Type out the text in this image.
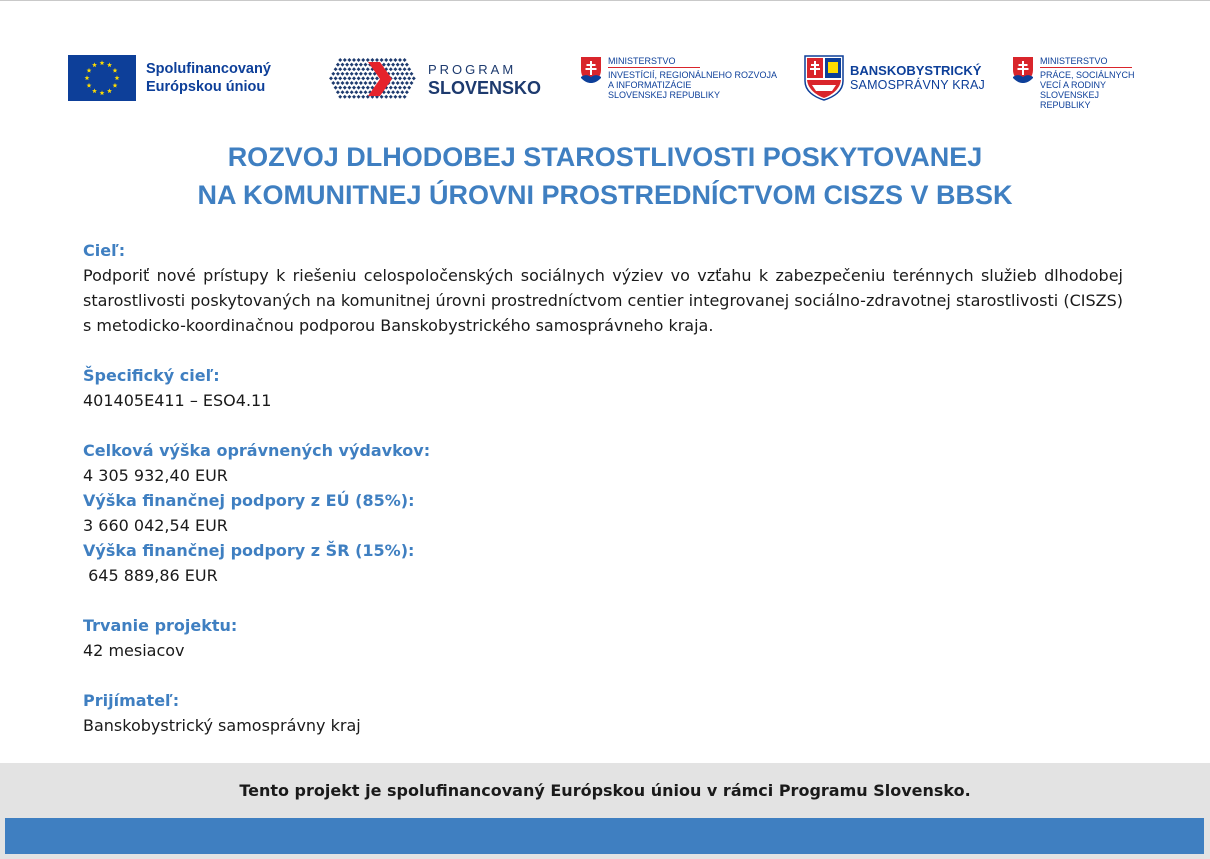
Spolufinancovaný
Európskou úniou
PROGRAM
SLOVENSKO
MINISTERSTVO
INVESTÍCIÍ, REGIONÁLNEHO ROZVOJA
A INFORMATIZÁCIE
SLOVENSKEJ REPUBLIKY
BANSKOBYSTRICKÝ
SAMOSPRÁVNY KRAJ
MINISTERSTVO
PRÁCE, SOCIÁLNYCH
VECÍ A RODINY
SLOVENSKEJ REPUBLIKY
ROZVOJ DLHODOBEJ STAROSTLIVOSTI POSKYTOVANEJ
NA KOMUNITNEJ ÚROVNI PROSTREDNÍCTVOM CISZS V BBSK
Cieľ:
Podporiť nové prístupy k riešeniu celospoločenských sociálnych výziev vo vzťahu k zabezpečeniu terénnych služieb dlhodobej starostlivosti poskytovaných na komunitnej úrovni prostredníctvom centier integrovanej sociálno-zdravotnej starostlivosti (CISZS) s metodicko-koordinačnou podporou Banskobystrického samosprávneho kraja.
Špecifický cieľ:
401405E411 – ESO4.11
Celková výška oprávnených výdavkov:
4 305 932,40 EUR
Výška finančnej podpory z EÚ (85%):
3 660 042,54 EUR
Výška finančnej podpory z ŠR (15%):
645 889,86 EUR
Trvanie projektu:
42 mesiacov
Prijímateľ:
Banskobystrický samosprávny kraj
Tento projekt je spolufinancovaný Európskou úniou v rámci Programu Slovensko.
